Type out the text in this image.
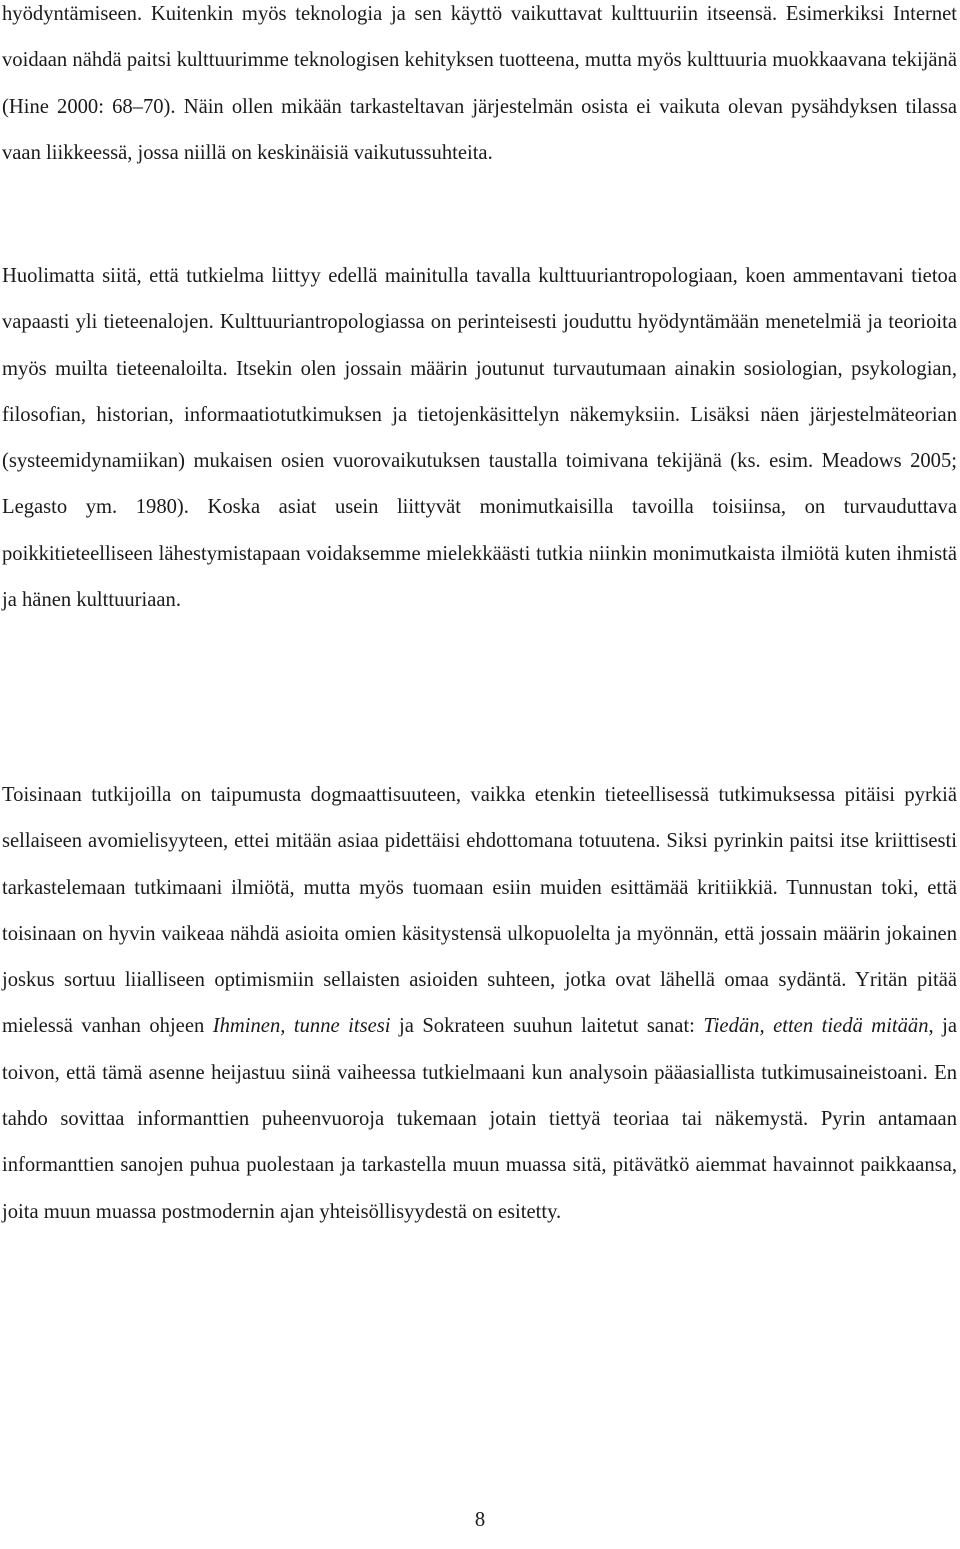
hyödyntämiseen. Kuitenkin myös teknologia ja sen käyttö vaikuttavat kulttuuriin itseensä. Esimerkiksi Internet voidaan nähdä paitsi kulttuurimme teknologisen kehityksen tuotteena, mutta myös kulttuuria muokkaavana tekijänä (Hine 2000: 68–70). Näin ollen mikään tarkasteltavan järjestelmän osista ei vaikuta olevan pysähdyksen tilassa vaan liikkeessä, jossa niillä on keskinäisiä vaikutussuhteita.

Huolimatta siitä, että tutkielma liittyy edellä mainitulla tavalla kulttuuriantropologiaan, koen ammentavani tietoa vapaasti yli tieteenalojen. Kulttuuriantropologiassa on perinteisesti jouduttu hyödyntämään menetelmiä ja teorioita myös muilta tieteenaloilta. Itsekin olen jossain määrin joutunut turvautumaan ainakin sosiologian, psykologian, filosofian, historian, informaatiotutkimuksen ja tietojenkäsittelyn näkemyksiin. Lisäksi näen järjestelmäteorian (systeemidynamiikan) mukaisen osien vuorovaikutuksen taustalla toimivana tekijänä (ks. esim. Meadows 2005; Legasto ym. 1980). Koska asiat usein liittyvät monimutkaisilla tavoilla toisiinsa, on turvauduttava poikkitieteelliseen lähestymistapaan voidaksemme mielekkäästi tutkia niinkin monimutkaista ilmiötä kuten ihmistä ja hänen kulttuuriaan.

Toisinaan tutkijoilla on taipumusta dogmaattisuuteen, vaikka etenkin tieteellisessä tutkimuksessa pitäisi pyrkiä sellaiseen avomielisyyteen, ettei mitään asiaa pidettäisi ehdottomana totuutena. Siksi pyrinkin paitsi itse kriittisesti tarkastelemaan tutkimaani ilmiötä, mutta myös tuomaan esiin muiden esittämää kritiikkiä. Tunnustan toki, että toisinaan on hyvin vaikeaa nähdä asioita omien käsitystensä ulkopuolelta ja myönnän, että jossain määrin jokainen joskus sortuu liialliseen optimismiin sellaisten asioiden suhteen, jotka ovat lähellä omaa sydäntä. Yritän pitää mielessä vanhan ohjeen Ihminen, tunne itsesi ja Sokrateen suuhun laitetut sanat: Tiedän, etten tiedä mitään, ja toivon, että tämä asenne heijastuu siinä vaiheessa tutkielmaani kun analysoin pääasiallista tutkimusaineistoani. En tahdo sovittaa informanttien puheenvuoroja tukemaan jotain tiettyä teoriaa tai näkemystä. Pyrin antamaan informanttien sanojen puhua puolestaan ja tarkastella muun muassa sitä, pitävätkö aiemmat havainnot paikkaansa, joita muun muassa postmodernin ajan yhteisöllisyydestä on esitetty.

8
